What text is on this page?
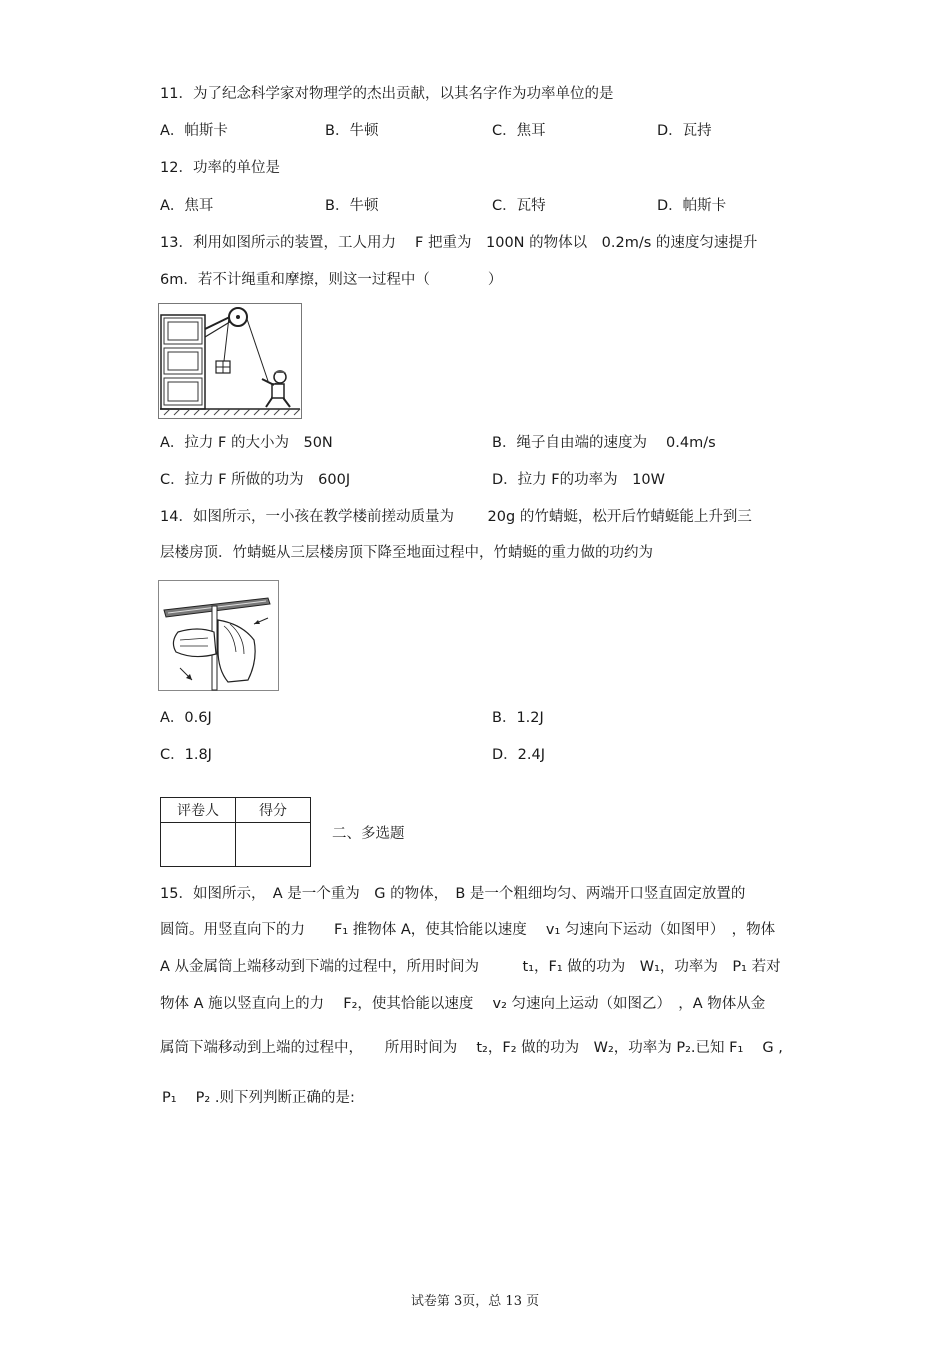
11．为了纪念科学家对物理学的杰出贡献，以其名字作为功率单位的是
A．帕斯卡	B．牛顿	C．焦耳	D．瓦持
12．功率的单位是
A．焦耳	B．牛顿	C．瓦特	D．帕斯卡
13．利用如图所示的装置，工人用力　 F 把重为　100N 的物体以　0.2m/s 的速度匀速提升
6m．若不计绳重和摩擦，则这一过程中（　　　　）
A．拉力 F 的大小为　50N	B．绳子自由端的速度为　 0.4m/s
C．拉力 F 所做的功为　600J	D．拉力 F的功率为　10W
14．如图所示，一小孩在教学楼前搓动质量为　　 20g 的竹蜻蜓，松开后竹蜻蜓能上升到三
层楼房顶．竹蜻蜓从三层楼房顶下降至地面过程中，竹蜻蜓的重力做的功约为
A．0.6J	B．1.2J
C．1.8J	D．2.4J
评卷人	得分

二、多选题
15．如图所示，　A 是一个重为　G 的物体，　B 是一个粗细均匀、两端开口竖直固定放置的
圆筒。用竖直向下的力　　F₁ 推物体 A，使其恰能以速度　 v₁ 匀速向下运动（如图甲）　，物体
A 从金属筒上端移动到下端的过程中，所用时间为　　　t₁，F₁ 做的功为　W₁，功率为　P₁ 若对
物体 A 施以竖直向上的力　 F₂，使其恰能以速度　 v₂ 匀速向上运动（如图乙）　，A 物体从金
属筒下端移动到上端的过程中，　　所用时间为　 t₂，F₂ 做的功为　W₂，功率为 P₂.已知 F₁　 G ,
P₁　 P₂ .则下列判断正确的是:
试卷第 3页，总 13 页
